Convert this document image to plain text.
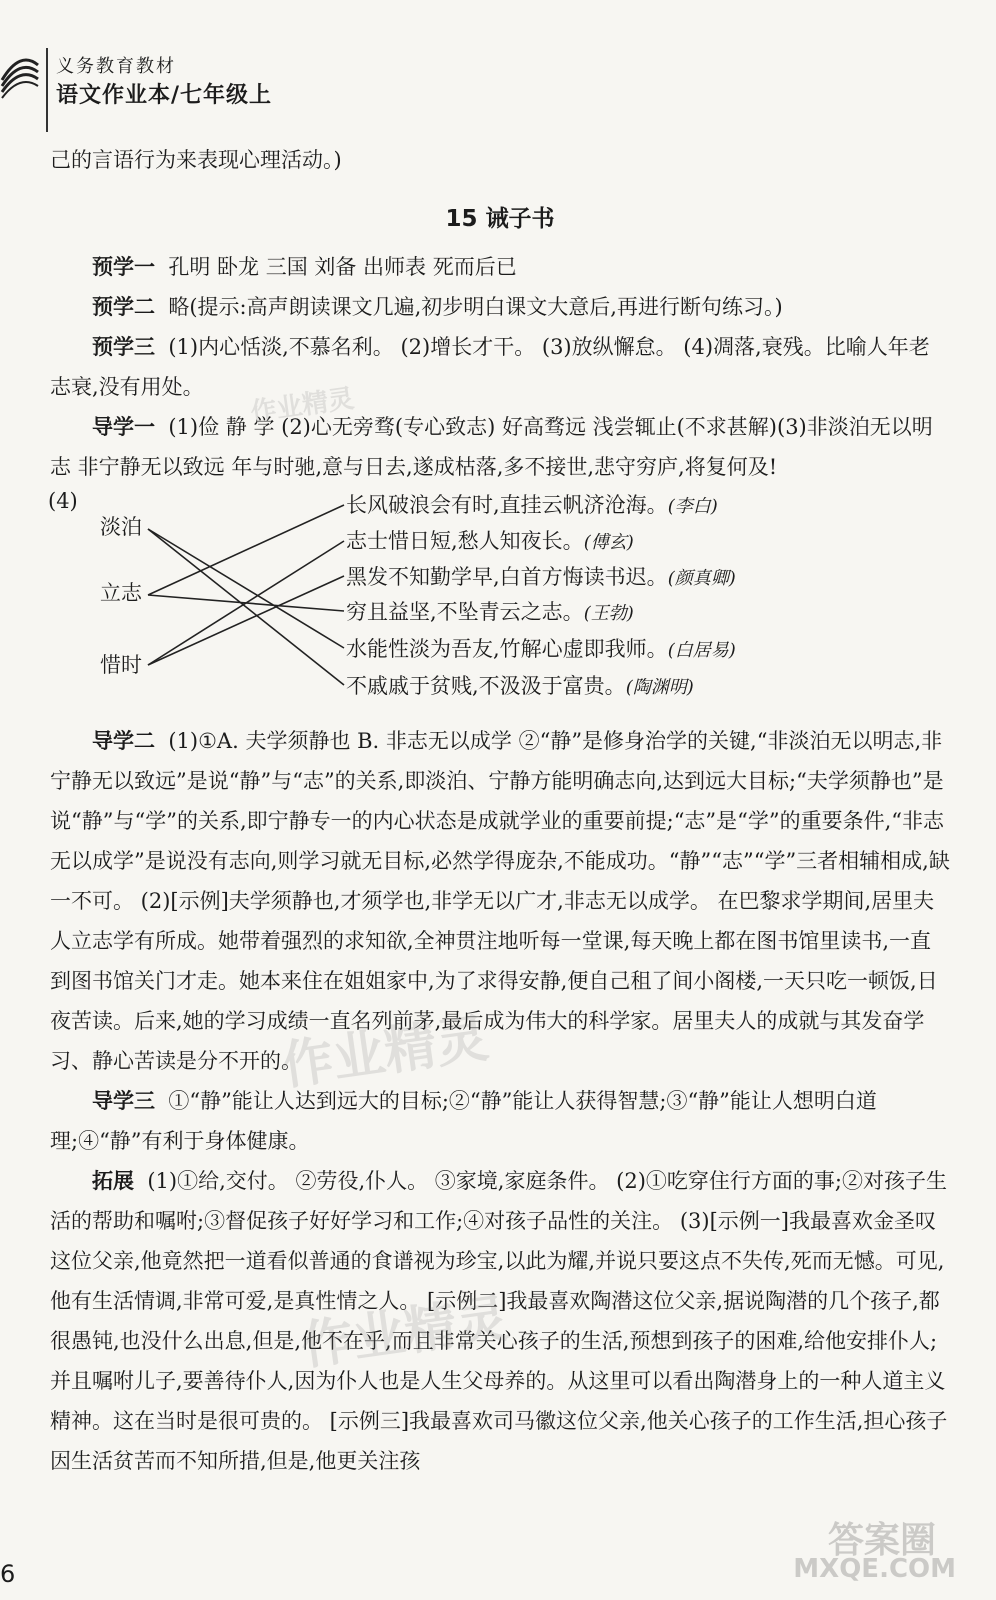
义务教育教材
语文作业本/七年级上

己的言语行为来表现心理活动。)

15 诫子书

预学一 孔明 卧龙 三国 刘备 出师表 死而后已

预学二 略(提示:高声朗读课文几遍,初步明白课文大意后,再进行断句练习。)

预学三 (1)内心恬淡,不慕名利。 (2)增长才干。 (3)放纵懈怠。 (4)凋落,衰残。比喻人年老志衰,没有用处。

导学一 (1)俭 静 学 (2)心无旁骛(专心致志) 好高骛远 浅尝辄止(不求甚解)(3)非淡泊无以明志 非宁静无以致远 年与时驰,意与日去,遂成枯落,多不接世,悲守穷庐,将复何及!

(4)
淡泊
立志
惜时
长风破浪会有时,直挂云帆济沧海。(李白)
志士惜日短,愁人知夜长。(傅玄)
黑发不知勤学早,白首方悔读书迟。(颜真卿)
穷且益坚,不坠青云之志。(王勃)
水能性淡为吾友,竹解心虚即我师。(白居易)
不戚戚于贫贱,不汲汲于富贵。(陶渊明)

导学二 (1)①A. 夫学须静也 B. 非志无以成学 ②“静”是修身治学的关键,“非淡泊无以明志,非宁静无以致远”是说“静”与“志”的关系,即淡泊、宁静方能明确志向,达到远大目标;“夫学须静也”是说“静”与“学”的关系,即宁静专一的内心状态是成就学业的重要前提;“志”是“学”的重要条件,“非志无以成学”是说没有志向,则学习就无目标,必然学得庞杂,不能成功。“静”“志”“学”三者相辅相成,缺一不可。 (2)[示例]夫学须静也,才须学也,非学无以广才,非志无以成学。 在巴黎求学期间,居里夫人立志学有所成。她带着强烈的求知欲,全神贯注地听每一堂课,每天晚上都在图书馆里读书,一直到图书馆关门才走。她本来住在姐姐家中,为了求得安静,便自己租了间小阁楼,一天只吃一顿饭,日夜苦读。后来,她的学习成绩一直名列前茅,最后成为伟大的科学家。居里夫人的成就与其发奋学习、静心苦读是分不开的。

导学三 ①“静”能让人达到远大的目标;②“静”能让人获得智慧;③“静”能让人想明白道理;④“静”有利于身体健康。

拓展 (1)①给,交付。 ②劳役,仆人。 ③家境,家庭条件。 (2)①吃穿住行方面的事;②对孩子生活的帮助和嘱咐;③督促孩子好好学习和工作;④对孩子品性的关注。 (3)[示例一]我最喜欢金圣叹这位父亲,他竟然把一道看似普通的食谱视为珍宝,以此为耀,并说只要这点不失传,死而无憾。可见,他有生活情调,非常可爱,是真性情之人。 [示例二]我最喜欢陶潜这位父亲,据说陶潜的几个孩子,都很愚钝,也没什么出息,但是,他不在乎,而且非常关心孩子的生活,预想到孩子的困难,给他安排仆人;并且嘱咐儿子,要善待仆人,因为仆人也是人生父母养的。从这里可以看出陶潜身上的一种人道主义精神。这在当时是很可贵的。 [示例三]我最喜欢司马徽这位父亲,他关心孩子的工作生活,担心孩子因生活贫苦而不知所措,但是,他更关注孩

作业精灵
作业精灵
作业精灵
答案圈
MXQE.COM
6
